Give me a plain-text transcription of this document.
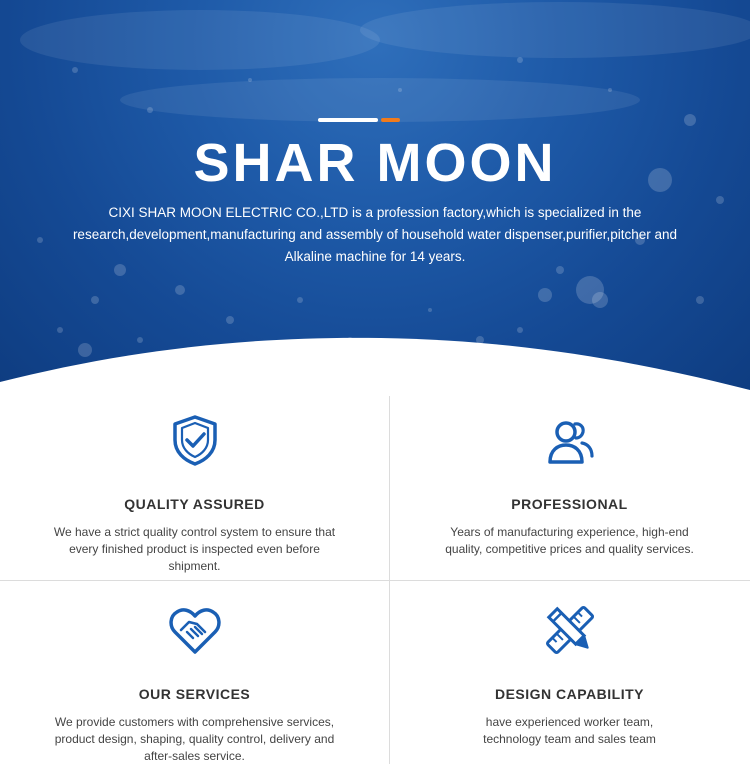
SHAR MOON
CIXI SHAR MOON ELECTRIC CO.,LTD is a profession factory,which is specialized in the research,development,manufacturing and assembly of household water dispenser,purifier,pitcher and Alkaline machine for 14 years.
QUALITY ASSURED
We have a strict quality control system to ensure that every finished product is inspected even before shipment.
PROFESSIONAL
Years of manufacturing experience, high-end quality, competitive prices and quality services.
OUR SERVICES
We provide customers with comprehensive services, product design, shaping, quality control, delivery and after-sales service.
DESIGN CAPABILITY
have experienced worker team, technology team and sales team
